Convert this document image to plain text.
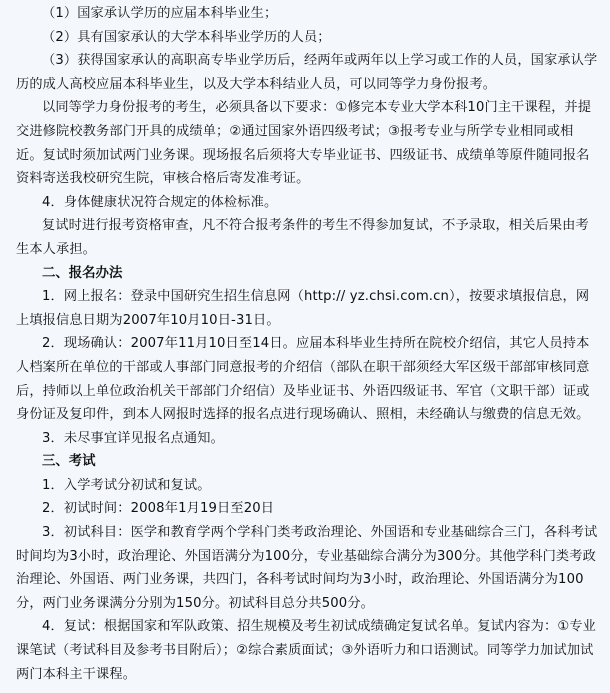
（1）国家承认学历的应届本科毕业生；

（2）具有国家承认的大学本科毕业学历的人员；

（3）获得国家承认的高职高专毕业学历后，经两年或两年以上学习或工作的人员，国家承认学历的成人高校应届本科毕业生，以及大学本科结业人员，可以同等学力身份报考。

以同等学力身份报考的考生，必须具备以下要求：①修完本专业大学本科10门主干课程，并提交进修院校教务部门开具的成绩单；②通过国家外语四级考试；③报考专业与所学专业相同或相近。复试时须加试两门业务课。现场报名后须将大专毕业证书、四级证书、成绩单等原件随同报名资料寄送我校研究生院，审核合格后寄发准考证。

4．身体健康状况符合规定的体检标准。

复试时进行报考资格审查，凡不符合报考条件的考生不得参加复试，不予录取，相关后果由考生本人承担。

二、报名办法

1．网上报名：登录中国研究生招生信息网（http:// yz.chsi.com.cn），按要求填报信息，网上填报信息日期为2007年10月10日-31日。

2．现场确认：2007年11月10日至14日。应届本科毕业生持所在院校介绍信，其它人员持本人档案所在单位的干部或人事部门同意报考的介绍信（部队在职干部须经大军区级干部部审核同意后，持师以上单位政治机关干部部门介绍信）及毕业证书、外语四级证书、军官（文职干部）证或身份证及复印件，到本人网报时选择的报名点进行现场确认、照相，未经确认与缴费的信息无效。

3．未尽事宜详见报名点通知。

三、考试

1．入学考试分初试和复试。

2．初试时间：2008年1月19日至20日

3．初试科目：医学和教育学两个学科门类考政治理论、外国语和专业基础综合三门，各科考试时间均为3小时，政治理论、外国语满分为100分，专业基础综合满分为300分。其他学科门类考政治理论、外国语、两门业务课，共四门，各科考试时间均为3小时，政治理论、外国语满分为100分，两门业务课满分分别为150分。初试科目总分共500分。

4．复试：根据国家和军队政策、招生规模及考生初试成绩确定复试名单。复试内容为：①专业课笔试（考试科目及参考书目附后）；②综合素质面试；③外语听力和口语测试。同等学力加试加试两门本科主干课程。
